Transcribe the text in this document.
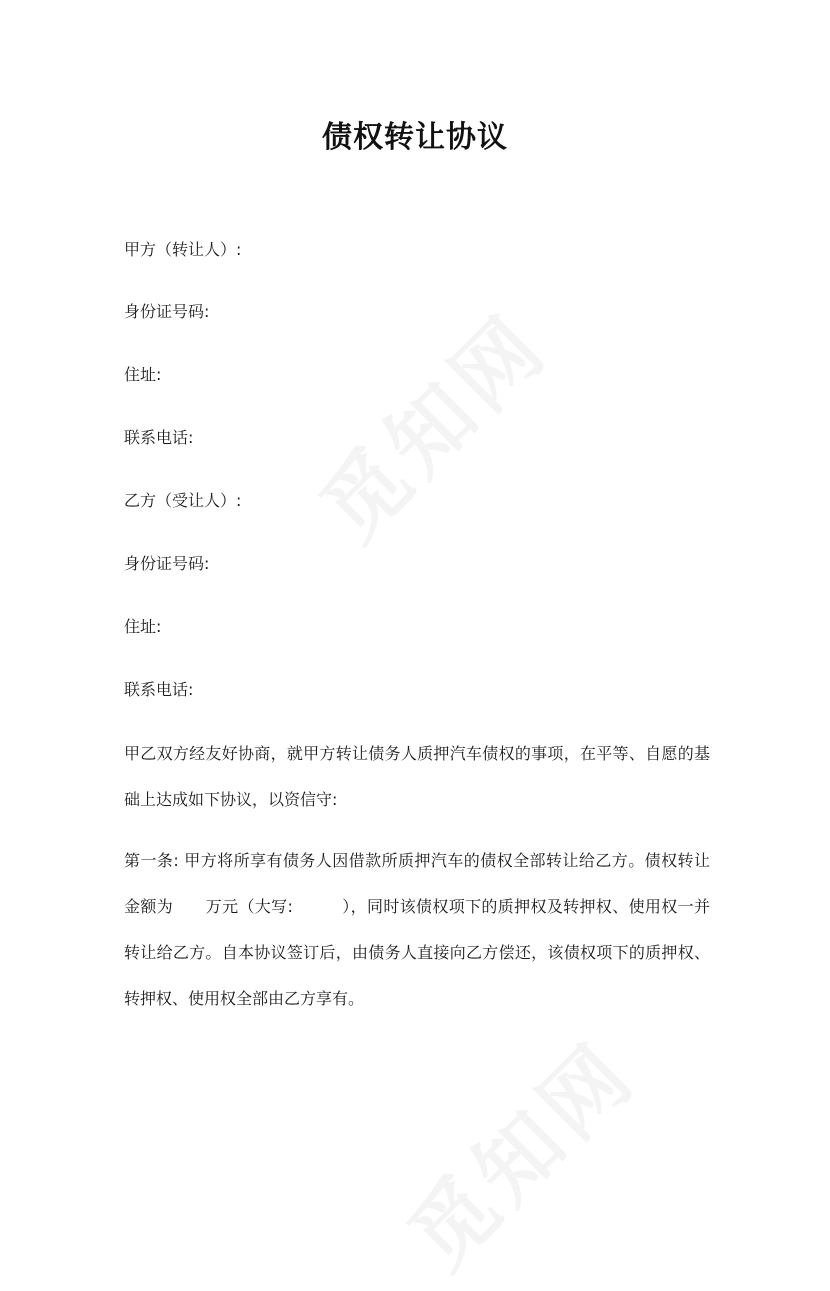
债权转让协议
甲方（转让人）:
身份证号码:
住址:
联系电话:
乙方（受让人）:
身份证号码:
住址:
联系电话:
甲乙双方经友好协商，就甲方转让债务人质押汽车债权的事项，在平等、自愿的基础上达成如下协议，以资信守:
第一条: 甲方将所享有债务人因借款所质押汽车的债权全部转让给乙方。债权转让金额为　　万元（大写:　　　），同时该债权项下的质押权及转押权、使用权一并转让给乙方。自本协议签订后，由债务人直接向乙方偿还，该债权项下的质押权、转押权、使用权全部由乙方享有。
